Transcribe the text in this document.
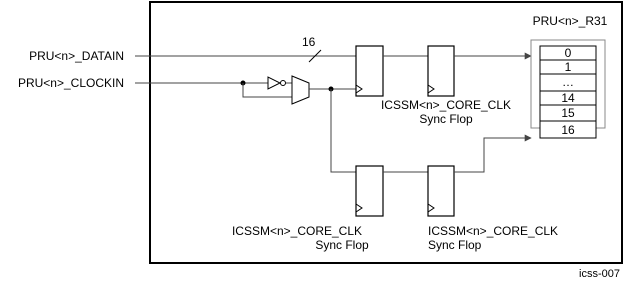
PRU<n>_DATAIN
PRU<n>_CLOCKIN
16
ICSSM<n>_CORE_CLK
Sync Flop
ICSSM<n>_CORE_CLK
Sync Flop
ICSSM<n>_CORE_CLK
Sync Flop
PRU<n>_R31
0
1
…
14
15
16
icss-007
